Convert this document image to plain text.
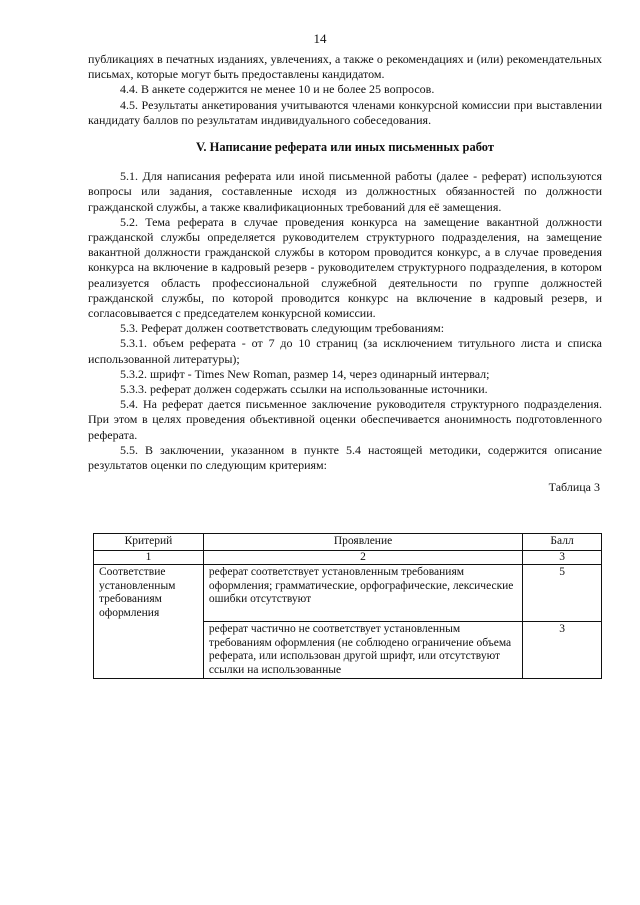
14

публикациях в печатных изданиях, увлечениях, а также о рекомендациях и (или) рекомендательных письмах, которые могут быть предоставлены кандидатом.

4.4. В анкете содержится не менее 10 и не более 25 вопросов.

4.5. Результаты анкетирования учитываются членами конкурсной комиссии при выставлении кандидату баллов по результатам индивидуального собеседования.

V. Написание реферата или иных письменных работ

5.1. Для написания реферата или иной письменной работы (далее - реферат) используются вопросы или задания, составленные исходя из должностных обязанностей по должности гражданской службы, а также квалификационных требований для её замещения.

5.2. Тема реферата в случае проведения конкурса на замещение вакантной должности гражданской службы определяется руководителем структурного подразделения, на замещение вакантной должности гражданской службы в котором проводится конкурс, а в случае проведения конкурса на включение в кадровый резерв - руководителем структурного подразделения, в котором реализуется область профессиональной служебной деятельности по группе должностей гражданской службы, по которой проводится конкурс на включение в кадровый резерв, и согласовывается с председателем конкурсной комиссии.

5.3. Реферат должен соответствовать следующим требованиям:

5.3.1. объем реферата - от 7 до 10 страниц (за исключением титульного листа и списка использованной литературы);

5.3.2. шрифт - Times New Roman, размер 14, через одинарный интервал;

5.3.3. реферат должен содержать ссылки на использованные источники.

5.4. На реферат дается письменное заключение руководителя структурного подразделения. При этом в целях проведения объективной оценки обеспечивается анонимность подготовленного реферата.

5.5. В заключении, указанном в пункте 5.4 настоящей методики, содержится описание результатов оценки по следующим критериям:

Таблица 3

Критерий	Проявление	Балл
1	2	3
Соответствие установленным требованиям оформления	реферат соответствует установленным требованиям оформления; грамматические, орфографические, лексические ошибки отсутствуют	5
	реферат частично не соответствует установленным требованиям оформления (не соблюдено ограничение объема реферата, или использован другой шрифт, или отсутствуют ссылки на использованные	3
